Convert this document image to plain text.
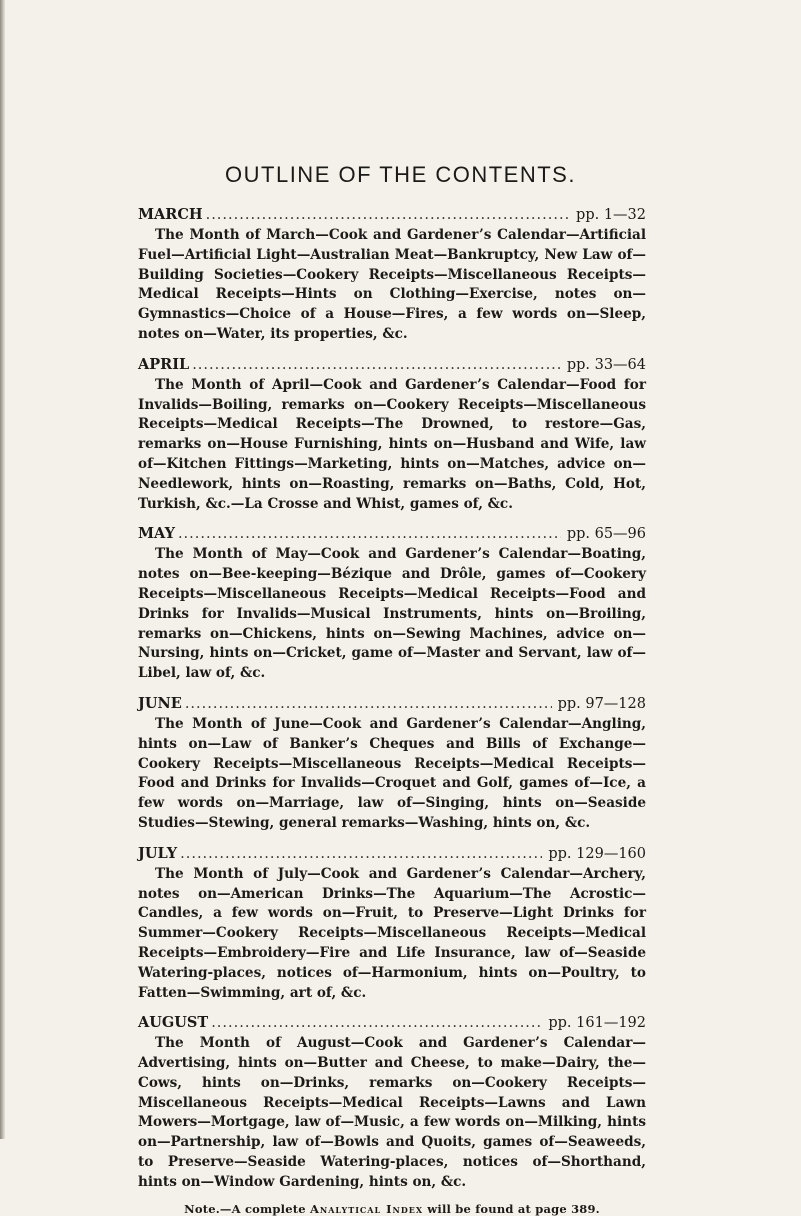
OUTLINE OF THE CONTENTS.
MARCH .....	pp. 1—32
The Month of March—Cook and Gardener’s Calendar—Artificial Fuel—Artificial Light—Australian Meat—Bankruptcy, New Law of—Building Societies—Cookery Receipts—Miscellaneous Receipts—Medical Receipts—Hints on Clothing—Exercise, notes on—Gymnastics—Choice of a House—Fires, a few words on—Sleep, notes on—Water, its properties, &c.
APRIL .....	pp. 33—64
The Month of April—Cook and Gardener’s Calendar—Food for Invalids—Boiling, remarks on—Cookery Receipts—Miscellaneous Receipts—Medical Receipts—The Drowned, to restore—Gas, remarks on—House Furnishing, hints on—Husband and Wife, law of—Kitchen Fittings—Marketing, hints on—Matches, advice on—Needlework, hints on—Roasting, remarks on—Baths, Cold, Hot, Turkish, &c.—La Crosse and Whist, games of, &c.
MAY .....	pp. 65—96
The Month of May—Cook and Gardener’s Calendar—Boating, notes on—Bee-keeping—Bézique and Drôle, games of—Cookery Receipts—Miscellaneous Receipts—Medical Receipts—Food and Drinks for Invalids—Musical Instruments, hints on—Broiling, remarks on—Chickens, hints on—Sewing Machines, advice on—Nursing, hints on—Cricket, game of—Master and Servant, law of—Libel, law of, &c.
JUNE .....	pp. 97—128
The Month of June—Cook and Gardener’s Calendar—Angling, hints on—Law of Banker’s Cheques and Bills of Exchange—Cookery Receipts—Miscellaneous Receipts—Medical Receipts—Food and Drinks for Invalids—Croquet and Golf, games of—Ice, a few words on—Marriage, law of—Singing, hints on—Seaside Studies—Stewing, general remarks—Washing, hints on, &c.
JULY .....	pp. 129—160
The Month of July—Cook and Gardener’s Calendar—Archery, notes on—American Drinks—The Aquarium—The Acrostic—Candles, a few words on—Fruit, to Preserve—Light Drinks for Summer—Cookery Receipts—Miscellaneous Receipts—Medical Receipts—Embroidery—Fire and Life Insurance, law of—Seaside Watering-places, notices of—Harmonium, hints on—Poultry, to Fatten—Swimming, art of, &c.
AUGUST .....	pp. 161—192
The Month of August—Cook and Gardener’s Calendar—Advertising, hints on—Butter and Cheese, to make—Dairy, the—Cows, hints on—Drinks, remarks on—Cookery Receipts—Miscellaneous Receipts—Medical Receipts—Lawns and Lawn Mowers—Mortgage, law of—Music, a few words on—Milking, hints on—Partnership, law of—Bowls and Quoits, games of—Seaweeds, to Preserve—Seaside Watering-places, notices of—Shorthand, hints on—Window Gardening, hints on, &c.
Note.—A complete Analytical Index will be found at page 389.
